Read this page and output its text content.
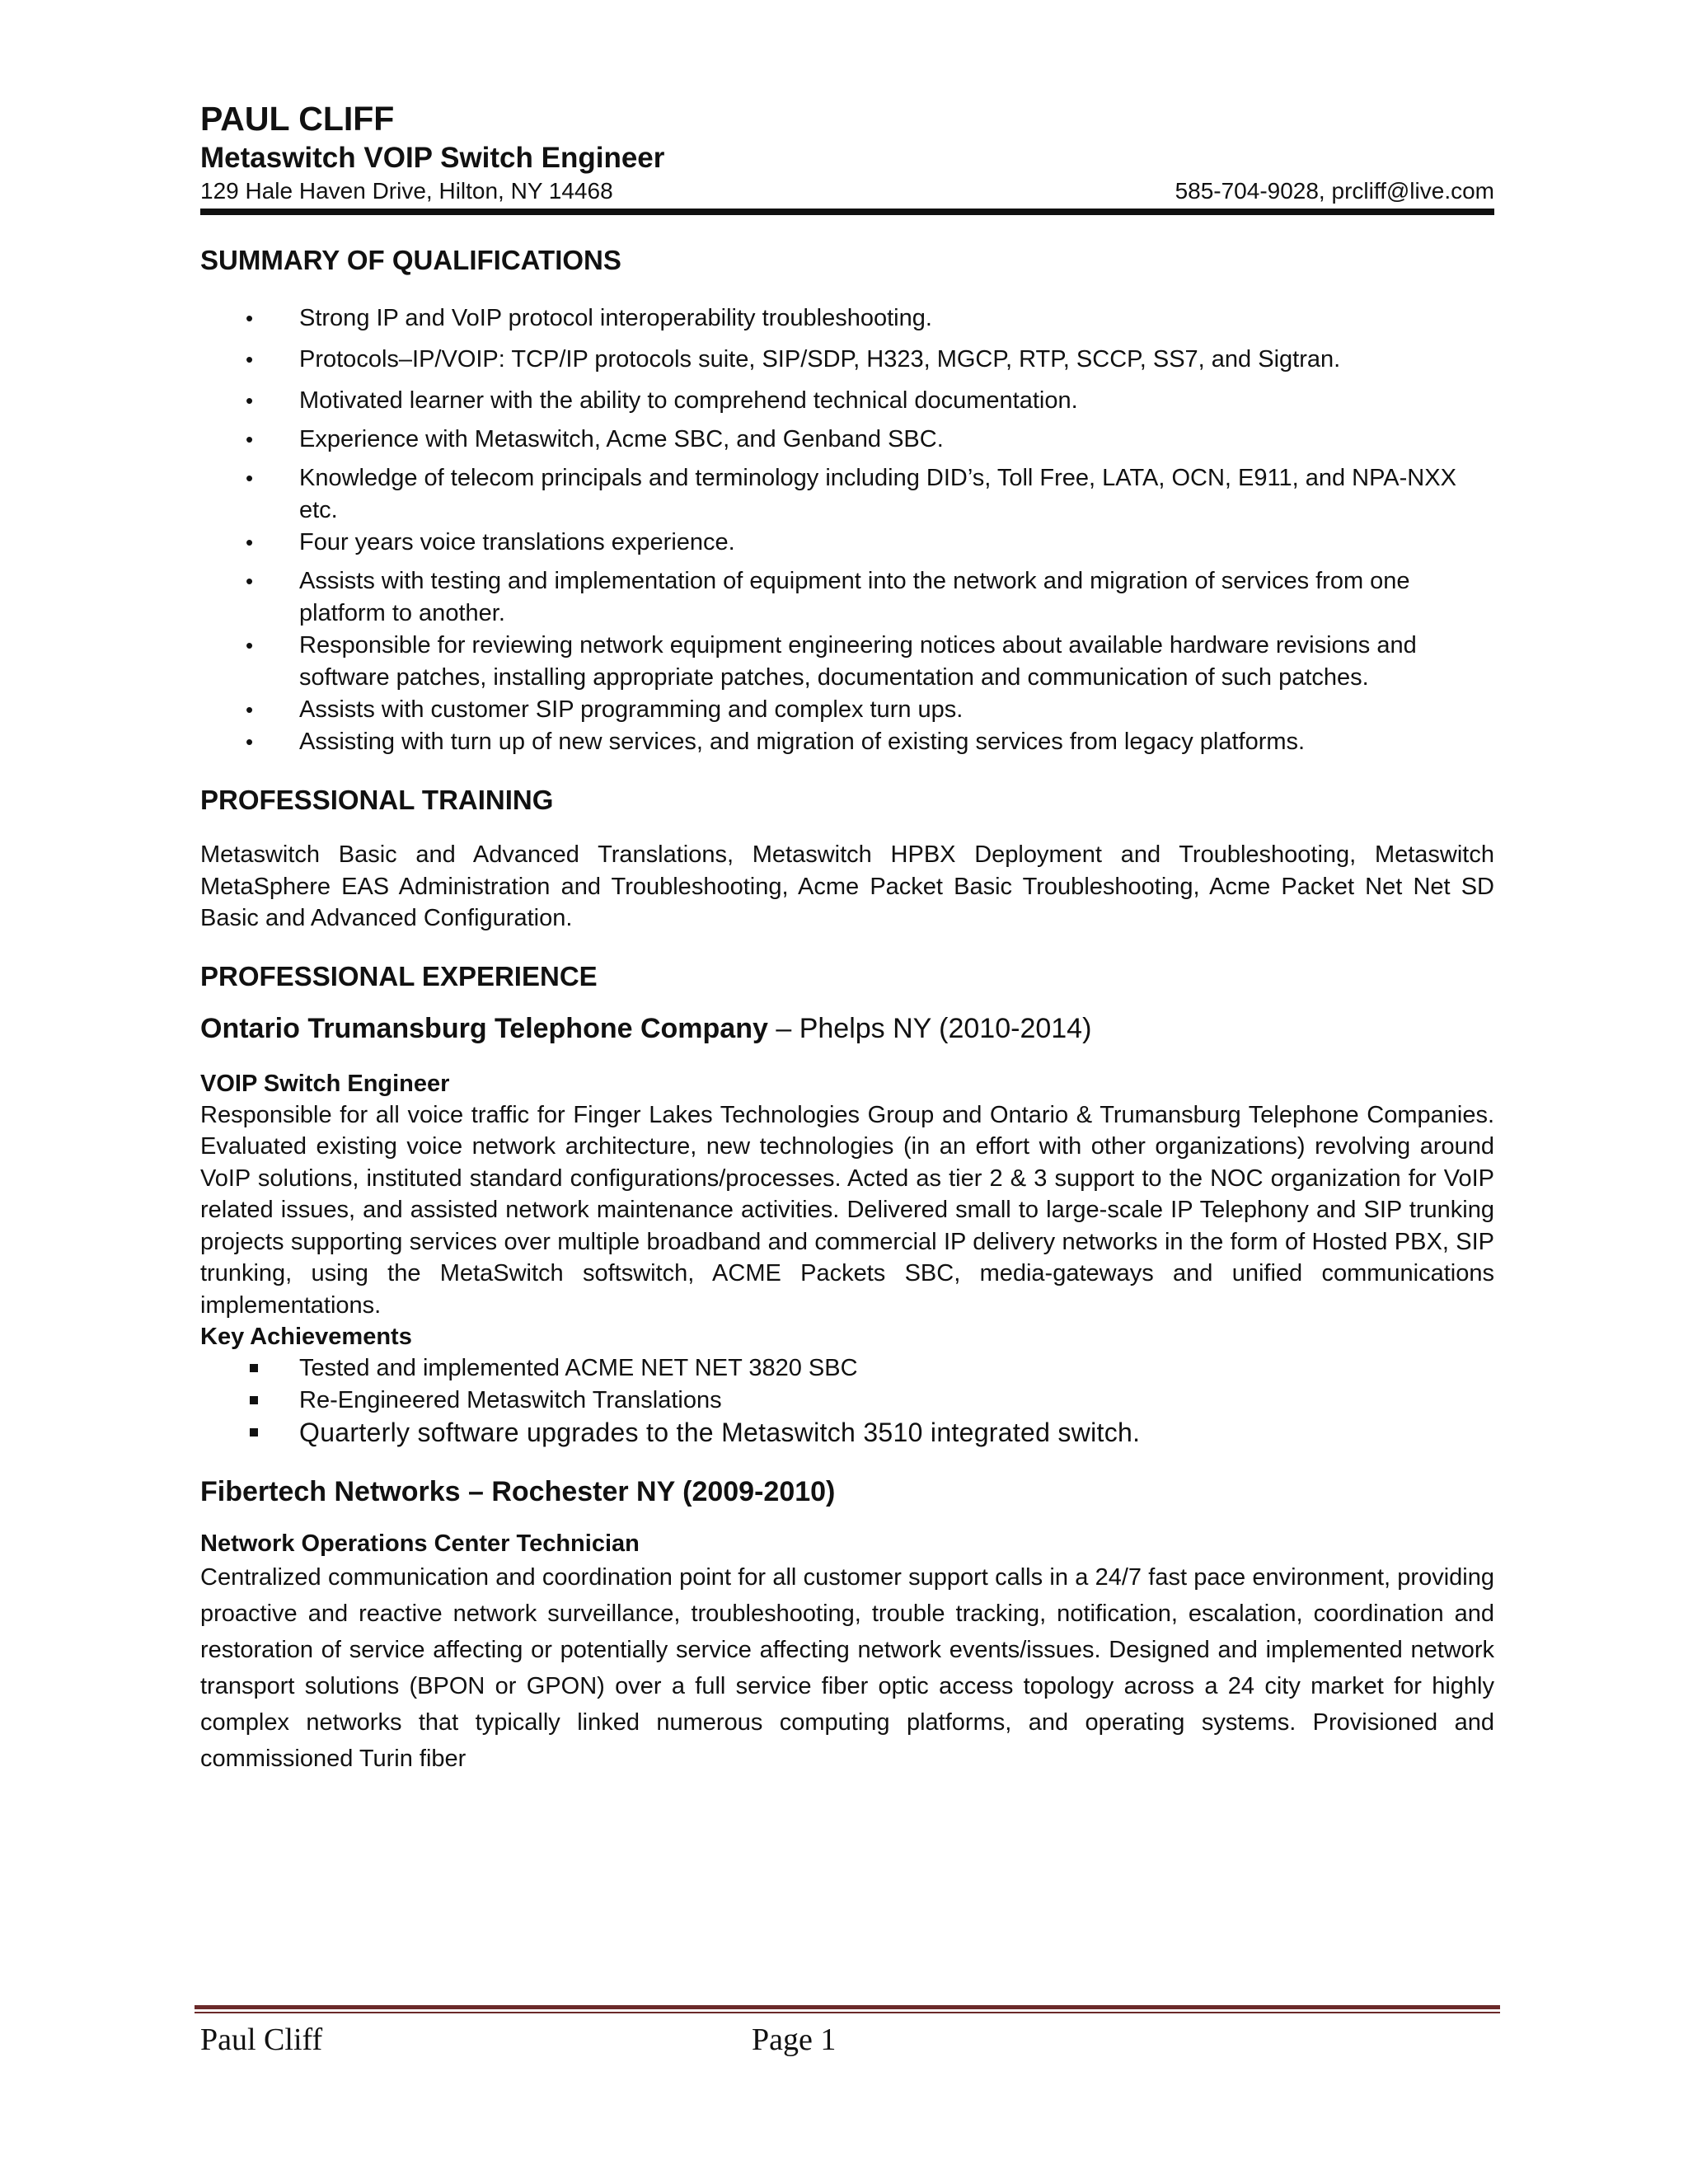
PAUL CLIFF
Metaswitch VOIP Switch Engineer
129 Hale Haven Drive, Hilton, NY 14468	585-704-9028, prcliff@live.com
SUMMARY OF QUALIFICATIONS
• Strong IP and VoIP protocol interoperability troubleshooting.
• Protocols–IP/VOIP: TCP/IP protocols suite, SIP/SDP, H323, MGCP, RTP, SCCP, SS7, and Sigtran.
• Motivated learner with the ability to comprehend technical documentation.
• Experience with Metaswitch, Acme SBC, and Genband SBC.
• Knowledge of telecom principals and terminology including DID’s, Toll Free, LATA, OCN, E911, and NPA-NXX etc.
• Four years voice translations experience.
• Assists with testing and implementation of equipment into the network and migration of services from one platform to another.
• Responsible for reviewing network equipment engineering notices about available hardware revisions and software patches, installing appropriate patches, documentation and communication of such patches.
• Assists with customer SIP programming and complex turn ups.
• Assisting with turn up of new services, and migration of existing services from legacy platforms.
PROFESSIONAL TRAINING

Metaswitch Basic and Advanced Translations, Metaswitch HPBX Deployment and Troubleshooting, Metaswitch MetaSphere EAS Administration and Troubleshooting, Acme Packet Basic Troubleshooting, Acme Packet Net Net SD Basic and Advanced Configuration.

PROFESSIONAL EXPERIENCE

Ontario Trumansburg Telephone Company – Phelps NY (2010-2014)

VOIP Switch Engineer

Responsible for all voice traffic for Finger Lakes Technologies Group and Ontario & Trumansburg Telephone Companies. Evaluated existing voice network architecture, new technologies (in an effort with other organizations) revolving around VoIP solutions, instituted standard configurations/processes. Acted as tier 2 & 3 support to the NOC organization for VoIP related issues, and assisted network maintenance activities. Delivered small to large-scale IP Telephony and SIP trunking projects supporting services over multiple broadband and commercial IP delivery networks in the form of Hosted PBX, SIP trunking, using the MetaSwitch softswitch, ACME Packets SBC, media-gateways and unified communications implementations.

Key Achievements

Tested and implemented ACME NET NET 3820 SBC
Re-Engineered Metaswitch Translations
Quarterly software upgrades to the Metaswitch 3510 integrated switch.

Fibertech Networks – Rochester NY (2009-2010)

Network Operations Center Technician

Centralized communication and coordination point for all customer support calls in a 24/7 fast pace environment, providing proactive and reactive network surveillance, troubleshooting, trouble tracking, notification, escalation, coordination and restoration of service affecting or potentially service affecting network events/issues. Designed and implemented network transport solutions (BPON or GPON) over a full service fiber optic access topology across a 24 city market for highly complex networks that typically linked numerous computing platforms, and operating systems. Provisioned and commissioned Turin fiber

Paul Cliff	Page 1
